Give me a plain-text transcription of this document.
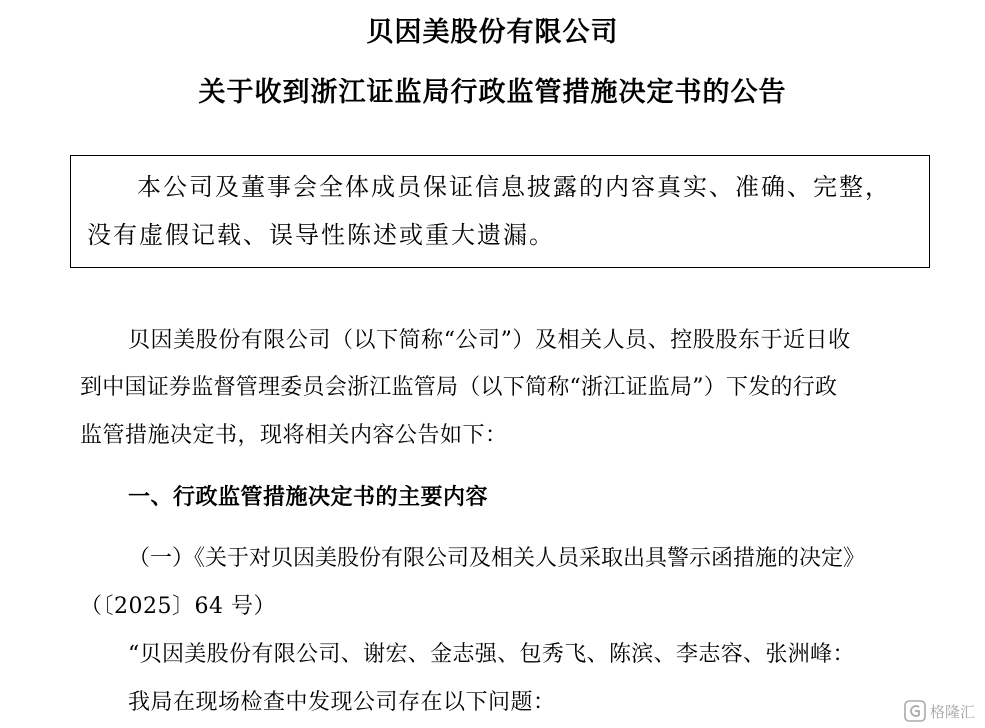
贝因美股份有限公司
关于收到浙江证监局行政监管措施决定书的公告

本公司及董事会全体成员保证信息披露的内容真实、准确、完整，

没有虚假记载、误导性陈述或重大遗漏。

贝因美股份有限公司（以下简称“公司”）及相关人员、控股股东于近日收

到中国证券监督管理委员会浙江监管局（以下简称“浙江证监局”）下发的行政

监管措施决定书，现将相关内容公告如下：

一、行政监管措施决定书的主要内容

（一）《关于对贝因美股份有限公司及相关人员采取出具警示函措施的决定》

（〔2025〕64 号）

“贝因美股份有限公司、谢宏、金志强、包秀飞、陈滨、李志容、张洲峰：

我局在现场检查中发现公司存在以下问题：	格隆汇
